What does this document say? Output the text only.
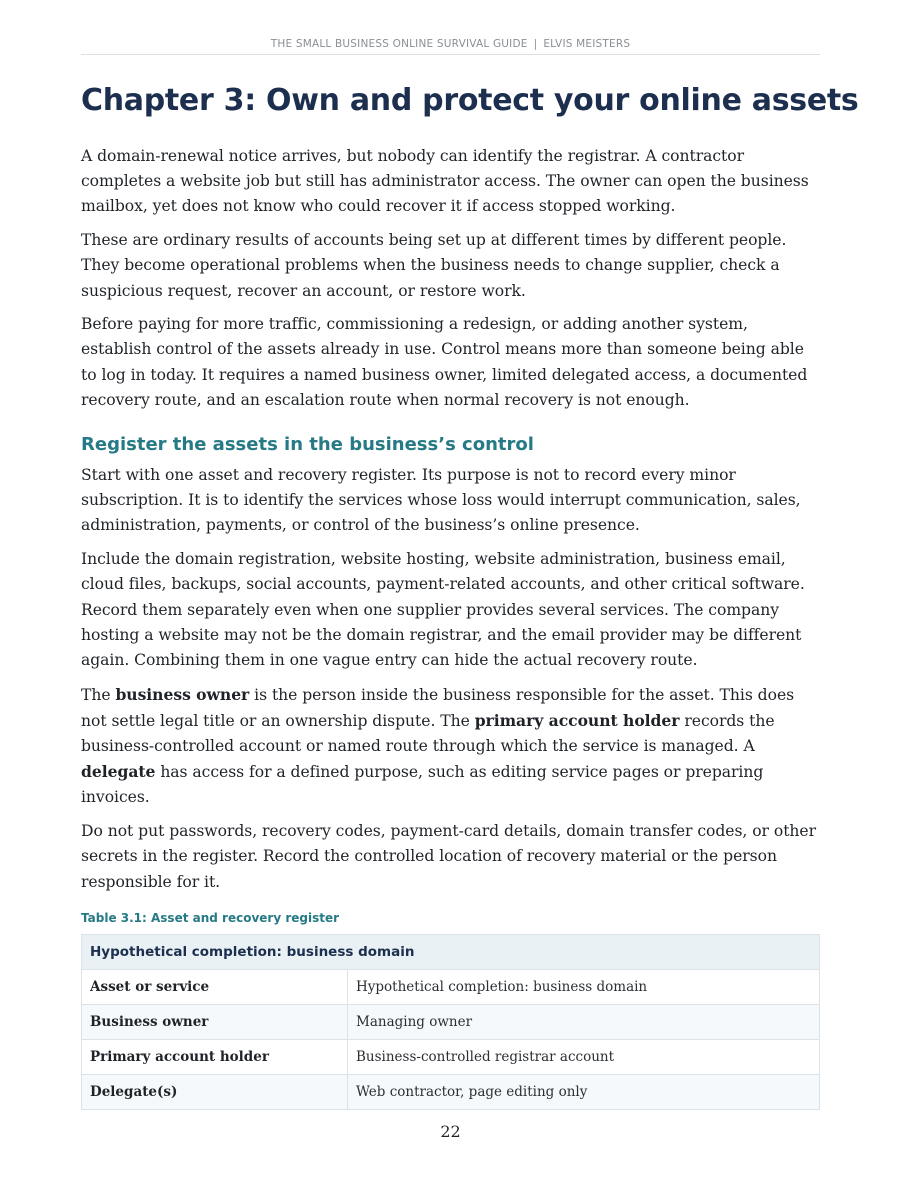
THE SMALL BUSINESS ONLINE SURVIVAL GUIDE | ELVIS MEISTERS
Chapter 3: Own and protect your online assets

A domain-renewal notice arrives, but nobody can identify the registrar. A contractor completes a website job but still has administrator access. The owner can open the business mailbox, yet does not know who could recover it if access stopped working.

These are ordinary results of accounts being set up at different times by different people. They become operational problems when the business needs to change supplier, check a suspicious request, recover an account, or restore work.

Before paying for more traffic, commissioning a redesign, or adding another system, establish control of the assets already in use. Control means more than someone being able to log in today. It requires a named business owner, limited delegated access, a documented recovery route, and an escalation route when normal recovery is not enough.

Register the assets in the business’s control

Start with one asset and recovery register. Its purpose is not to record every minor subscription. It is to identify the services whose loss would interrupt communication, sales, administration, payments, or control of the business’s online presence.

Include the domain registration, website hosting, website administration, business email, cloud files, backups, social accounts, payment-related accounts, and other critical software. Record them separately even when one supplier provides several services. The company hosting a website may not be the domain registrar, and the email provider may be different again. Combining them in one vague entry can hide the actual recovery route.

The business owner is the person inside the business responsible for the asset. This does not settle legal title or an ownership dispute. The primary account holder records the business-controlled account or named route through which the service is managed. A delegate has access for a defined purpose, such as editing service pages or preparing invoices.

Do not put passwords, recovery codes, payment-card details, domain transfer codes, or other secrets in the register. Record the controlled location of recovery material or the person responsible for it.

Table 3.1: Asset and recovery register
Hypothetical completion: business domain	
Asset or service	Hypothetical completion: business domain
Business owner	Managing owner
Primary account holder	Business-controlled registrar account
Delegate(s)	Web contractor, page editing only
22
